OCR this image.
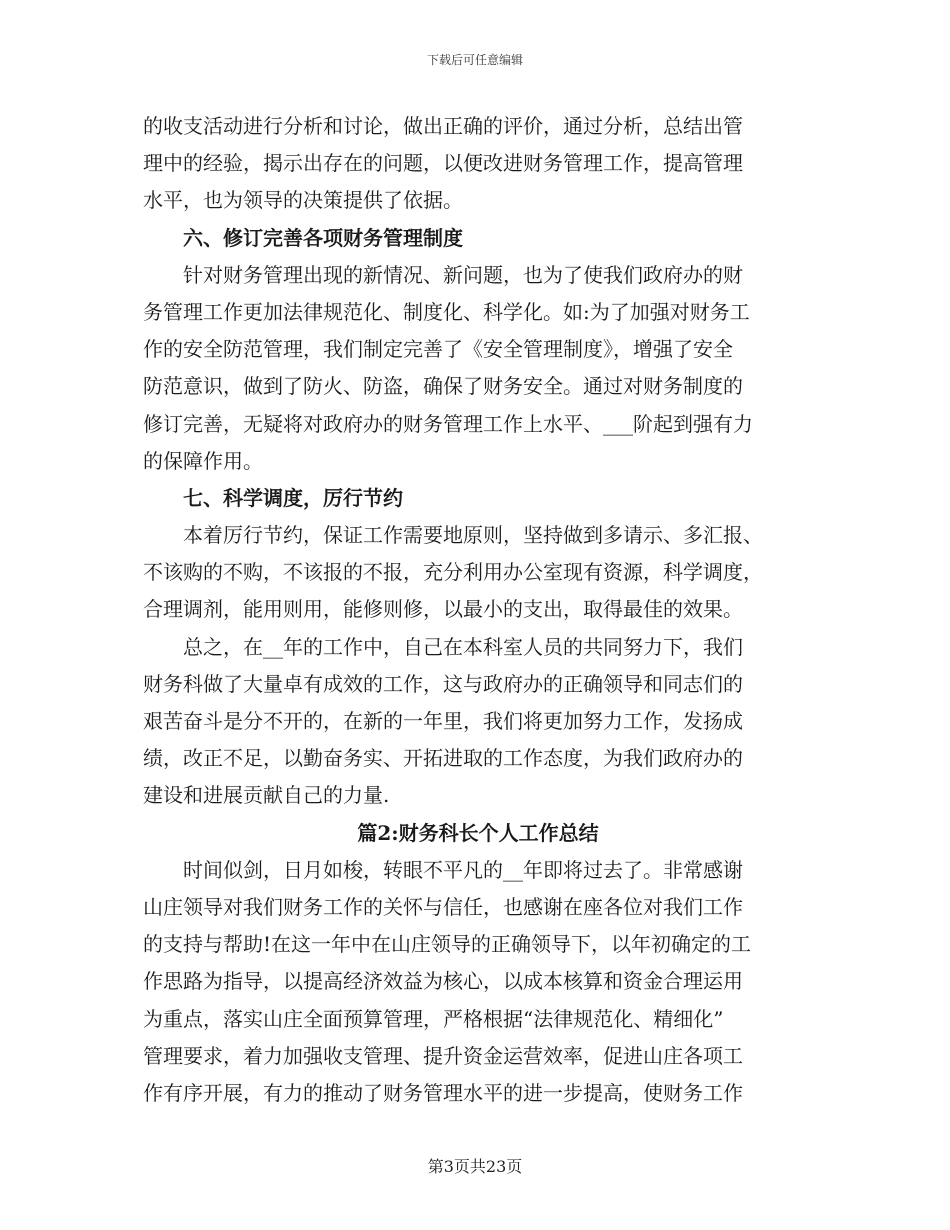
下载后可任意编辑
的收支活动进行分析和讨论，做出正确的评价，通过分析，总结出管
理中的经验，揭示出存在的问题，以便改进财务管理工作，提高管理
水平，也为领导的决策提供了依据。
六、修订完善各项财务管理制度
针对财务管理出现的新情况、新问题，也为了使我们政府办的财
务管理工作更加法律规范化、制度化、科学化。如:为了加强对财务工
作的安全防范管理，我们制定完善了《安全管理制度》，增强了安全
防范意识，做到了防火、防盗，确保了财务安全。通过对财务制度的
修订完善，无疑将对政府办的财务管理工作上水平、___阶起到强有力
的保障作用。
七、科学调度，厉行节约
本着厉行节约，保证工作需要地原则，坚持做到多请示、多汇报、
不该购的不购，不该报的不报，充分利用办公室现有资源，科学调度，
合理调剂，能用则用，能修则修，以最小的支出，取得最佳的效果。
总之，在__年的工作中，自己在本科室人员的共同努力下，我们
财务科做了大量卓有成效的工作，这与政府办的正确领导和同志们的
艰苦奋斗是分不开的，在新的一年里，我们将更加努力工作，发扬成
绩，改正不足，以勤奋务实、开拓进取的工作态度，为我们政府办的
建设和进展贡献自己的力量.
篇2:财务科长个人工作总结
时间似剑，日月如梭，转眼不平凡的__年即将过去了。非常感谢
山庄领导对我们财务工作的关怀与信任，也感谢在座各位对我们工作
的支持与帮助!在这一年中在山庄领导的正确领导下，以年初确定的工
作思路为指导，以提高经济效益为核心，以成本核算和资金合理运用
为重点，落实山庄全面预算管理，严格根据“法律规范化、精细化”
管理要求，着力加强收支管理、提升资金运营效率，促进山庄各项工
作有序开展，有力的推动了财务管理水平的进一步提高，使财务工作
第3页共23页
